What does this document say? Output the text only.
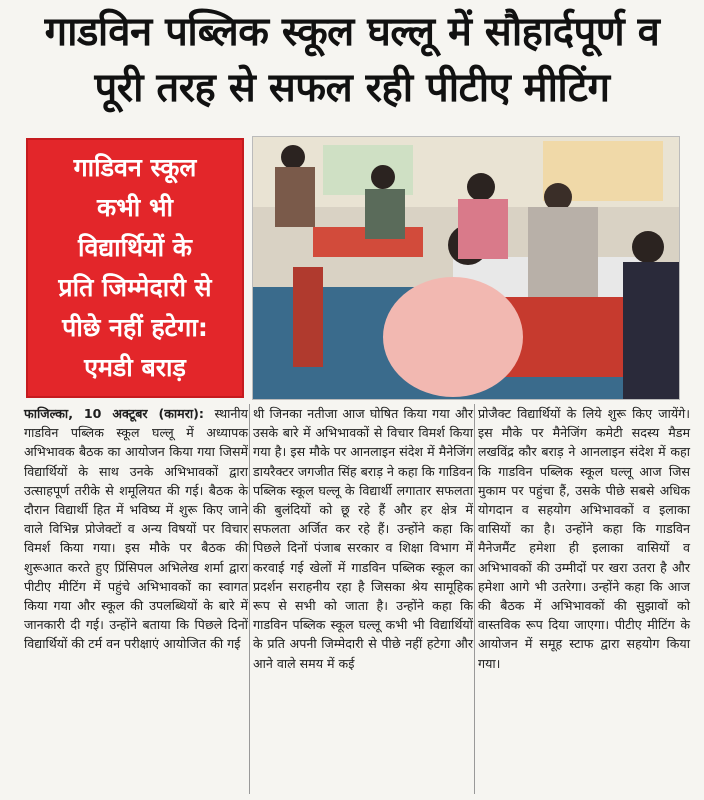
गाडविन पब्लिक स्कूल घल्लू में सौहार्दपूर्ण व
पूरी तरह से सफल रही पीटीए मीटिंग
गाडिवन स्कूल
कभी भी
विद्यार्थियों के
प्रति जिम्मेदारी से
पीछे नहीं हटेगा:
एमडी बराड़
फाजिल्का, 10 अक्टूबर (कामरा): स्थानीय गाडविन पब्लिक स्कूल घल्लू में अध्यापक अभिभावक बैठक का आयोजन किया गया जिसमें विद्यार्थियों के साथ उनके अभिभावकों द्वारा उत्साहपूर्ण तरीके से शमूलियत की गई। बैठक के दौरान विद्यार्थी हित में भविष्य में शुरू किए जाने वाले विभिन्न प्रोजेक्टों व अन्य विषयों पर विचार विमर्श किया गया। इस मौके पर बैठक की शुरूआत करते हुए प्रिंसिपल अभिलेख शर्मा द्वारा पीटीए मीटिंग में पहुंचे अभिभावकों का स्वागत किया गया और स्कूल की उपलब्धियों के बारे में जानकारी दी गई। उन्होंने बताया कि पिछले दिनों विद्यार्थियों की टर्म वन परीक्षाएं आयोजित की गई
थी जिनका नतीजा आज घोषित किया गया और उसके बारे में अभिभावकों से विचार विमर्श किया गया है। इस मौके पर आनलाइन संदेश में मैनेजिंग डायरैक्टर जगजीत सिंह बराड़ ने कहा कि गाडिवन पब्लिक स्कूल घल्लू के विद्यार्थी लगातार सफलता की बुलंदियों को छू रहे हैं और हर क्षेत्र में सफलता अर्जित कर रहे हैं। उन्होंने कहा कि पिछले दिनों पंजाब सरकार व शिक्षा विभाग में करवाई गई खेलों में गाडविन पब्लिक स्कूल का प्रदर्शन सराहनीय रहा है जिसका श्रेय सामूहिक रूप से सभी को जाता है। उन्होंने कहा कि गाडविन पब्लिक स्कूल घल्लू कभी भी विद्यार्थियों के प्रति अपनी जिम्मेदारी से पीछे नहीं हटेगा और आने वाले समय में कई
प्रोजैक्ट विद्यार्थियों के लिये शुरू किए जायेंगे। इस मौके पर मैनेजिंग कमेटी सदस्य मैडम लखविंद्र कौर बराड़ ने आनलाइन संदेश में कहा कि गाडविन पब्लिक स्कूल घल्लू आज जिस मुकाम पर पहुंचा हैं, उसके पीछे सबसे अधिक योगदान व सहयोग अभिभावकों व इलाका वासियों का है। उन्होंने कहा कि गाडविन मैनेजमैंट हमेशा ही इलाका वासियों व अभिभावकों की उम्मीदों पर खरा उतरा है और हमेशा आगे भी उतरेगा। उन्होंने कहा कि आज की बैठक में अभिभावकों की सुझावों को वास्तविक रूप दिया जाएगा। पीटीए मीटिंग के आयोजन में समूह स्टाफ द्वारा सहयोग किया गया।
